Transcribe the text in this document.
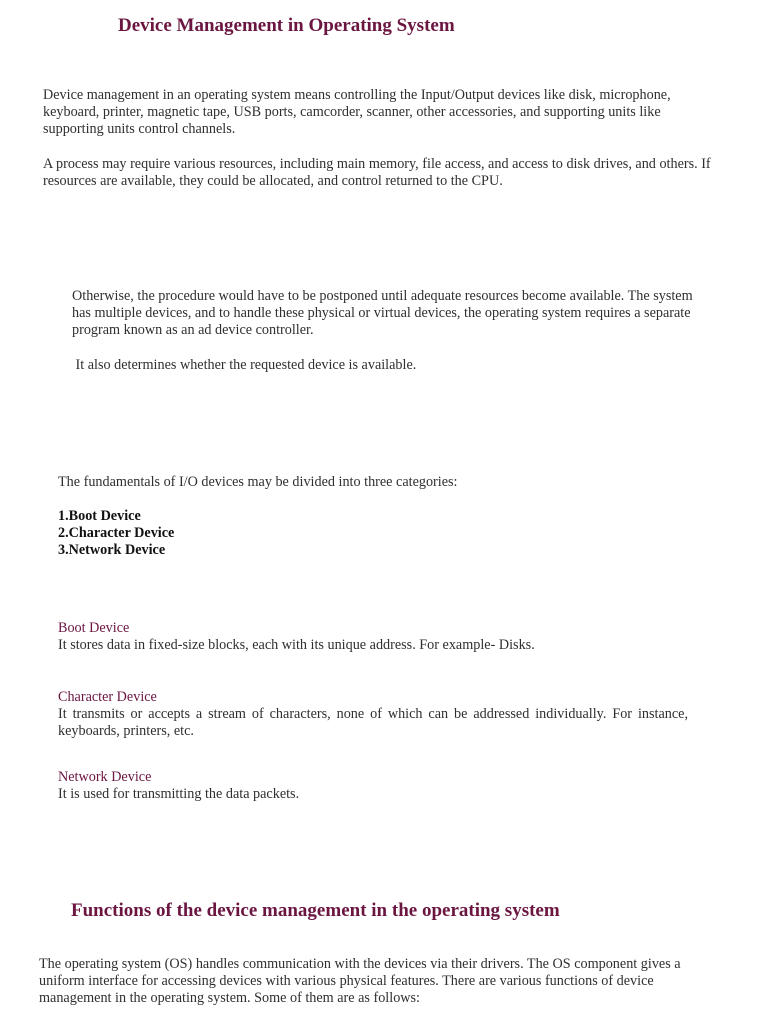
Device Management in Operating System
Device management in an operating system means controlling the Input/Output devices like disk, microphone, keyboard, printer, magnetic tape, USB ports, camcorder, scanner, other accessories, and supporting units like supporting units control channels.
A process may require various resources, including main memory, file access, and access to disk drives, and others. If resources are available, they could be allocated, and control returned to the CPU.
Otherwise, the procedure would have to be postponed until adequate resources become available. The system has multiple devices, and to handle these physical or virtual devices, the operating system requires a separate program known as an ad device controller.
It also determines whether the requested device is available.
The fundamentals of I/O devices may be divided into three categories:
1.Boot Device
2.Character Device
3.Network Device
Boot Device
It stores data in fixed-size blocks, each with its unique address. For example- Disks.
Character Device
It transmits or accepts a stream of characters, none of which can be addressed individually. For instance, keyboards, printers, etc.
Network Device
It is used for transmitting the data packets.
Functions of the device management in the operating system
The operating system (OS) handles communication with the devices via their drivers. The OS component gives a uniform interface for accessing devices with various physical features. There are various functions of device management in the operating system. Some of them are as follows:
